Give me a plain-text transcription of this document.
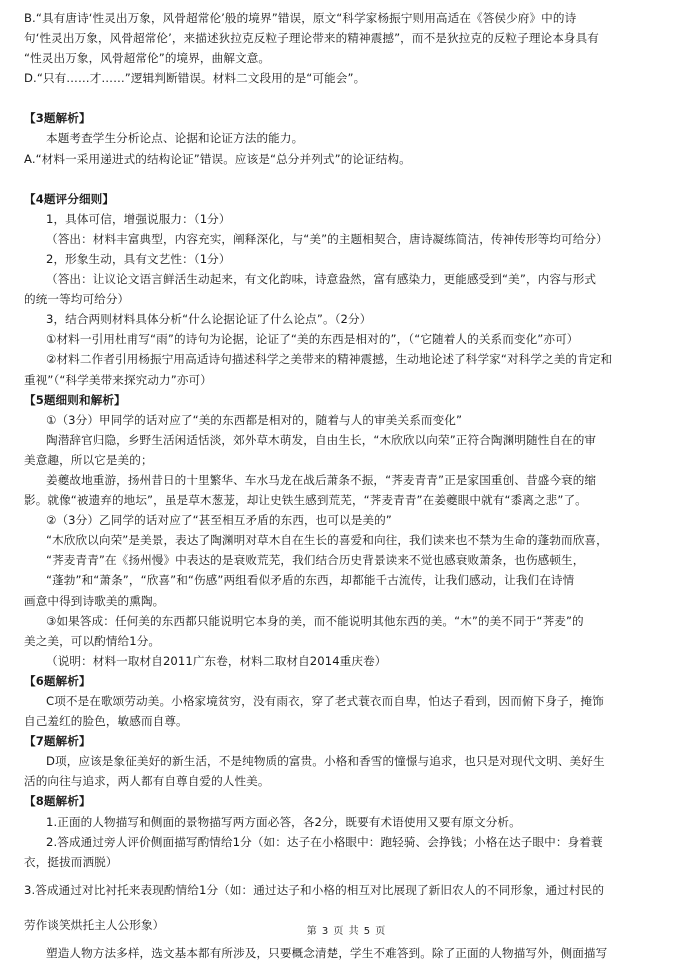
B.“具有唐诗‘性灵出万象，风骨超常伦’般的境界”错误，原文“科学家杨振宁则用高适在《答侯少府》中的诗

句‘性灵出万象，风骨超常伦’，来描述狄拉克反粒子理论带来的精神震撼”，而不是狄拉克的反粒子理论本身具有

“性灵出万象，风骨超常伦”的境界，曲解文意。

D.“只有……才……”逻辑判断错误。材料二文段用的是“可能会”。

【3题解析】

本题考查学生分析论点、论据和论证方法的能力。

A.“材料一采用递进式的结构论证”错误。应该是“总分并列式”的论证结构。

【4题评分细则】

1，具体可信，增强说服力：（1分）

（答出：材料丰富典型，内容充实，阐释深化，与“美”的主题相契合，唐诗凝练简洁，传神传形等均可给分）

2，形象生动，具有文艺性：（1分）

（答出：让议论文语言鲜活生动起来，有文化韵味，诗意盎然，富有感染力，更能感受到“美”，内容与形式

的统一等均可给分）

3，结合两则材料具体分析“什么论据论证了什么论点”。（2分）

①材料一引用杜甫写“雨”的诗句为论据，论证了“美的东西是相对的”，（“它随着人的关系而变化”亦可）

②材料二作者引用杨振宁用高适诗句描述科学之美带来的精神震撼，生动地论述了科学家“对科学之美的肯定和

重视”（“科学美带来探究动力”亦可）

【5题细则和解析】

①（3分）甲同学的话对应了“美的东西都是相对的，随着与人的审美关系而变化”

陶潜辞官归隐，乡野生活闲适恬淡，郊外草木萌发，自由生长，“木欣欣以向荣”正符合陶渊明随性自在的审

美意趣，所以它是美的；

姜夔故地重游，扬州昔日的十里繁华、车水马龙在战后萧条不振，“荠麦青青”正是家国重创、昔盛今衰的缩

影。就像“被遗弃的地坛”，虽是草木葱茏，却让史铁生感到荒芜，“荠麦青青”在姜夔眼中就有“黍离之悲”了。

②（3分）乙同学的话对应了“甚至相互矛盾的东西，也可以是美的”

“木欣欣以向荣”是美景，表达了陶渊明对草木自在生长的喜爱和向往，我们读来也不禁为生命的蓬勃而欣喜，

“荠麦青青”在《扬州慢》中表达的是衰败荒芜，我们结合历史背景读来不觉也感衰败萧条，也伤感顿生，

“蓬勃”和“萧条”，“欣喜”和“伤感”两组看似矛盾的东西，却都能千古流传，让我们感动，让我们在诗情

画意中得到诗歌美的熏陶。

③如果答成：任何美的东西都只能说明它本身的美，而不能说明其他东西的美。“木”的美不同于“荠麦”的

美之美，可以酌情给1分。

（说明：材料一取材自2011广东卷，材料二取材自2014重庆卷）

【6题解析】

C项不是在歌颂劳动美。小格家境贫穷，没有雨衣，穿了老式蓑衣而自卑，怕达子看到，因而俯下身子，掩饰

自己羞红的脸色，敏感而自尊。

【7题解析】

D项，应该是象征美好的新生活，不是纯物质的富贵。小格和香雪的憧憬与追求，也只是对现代文明、美好生

活的向往与追求，两人都有自尊自爱的人性美。

【8题解析】

1.正面的人物描写和侧面的景物描写两方面必答，各2分，既要有术语使用又要有原文分析。

2.答成通过旁人评价侧面描写酌情给1分（如：达子在小格眼中：跑轻骑、会挣钱；小格在达子眼中：身着蓑

衣，挺拔而洒脱）

3.答成通过对比衬托来表现酌情给1分（如：通过达子和小格的相互对比展现了新旧农人的不同形象，通过村民的

劳作谈笑烘托主人公形象）

塑造人物方法多样，选文基本都有所涉及，只要概念清楚，学生不难答到。除了正面的人物描写外，侧面描写

第 3 页 共 5 页
